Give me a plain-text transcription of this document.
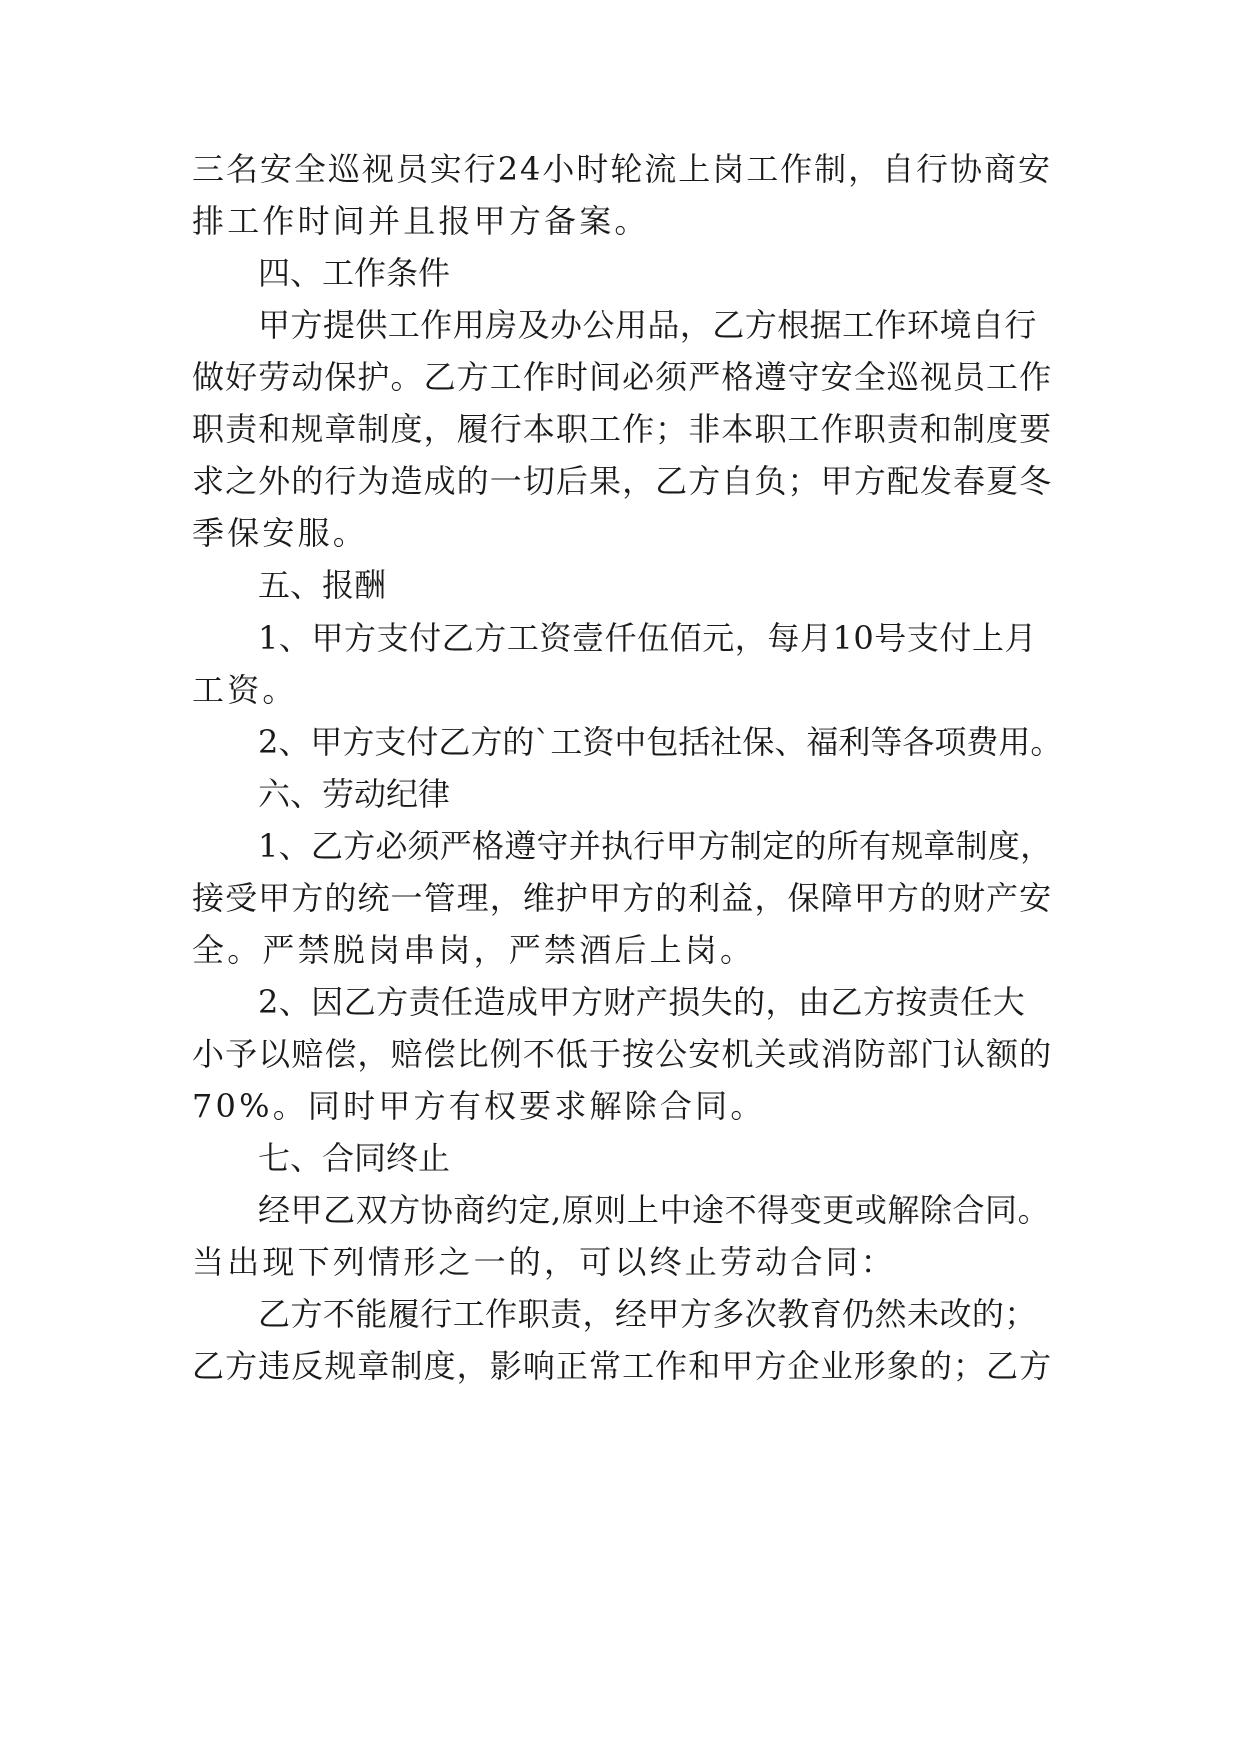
三名安全巡视员实行24小时轮流上岗工作制，自行协商安
排工作时间并且报甲方备案。
四、工作条件
甲方提供工作用房及办公用品，乙方根据工作环境自行
做好劳动保护。乙方工作时间必须严格遵守安全巡视员工作
职责和规章制度，履行本职工作；非本职工作职责和制度要
求之外的行为造成的一切后果，乙方自负；甲方配发春夏冬
季保安服。
五、报酬
1、甲方支付乙方工资壹仟伍佰元，每月10号支付上月
工资。
2、甲方支付乙方的`工资中包括社保、福利等各项费用。
六、劳动纪律
1、乙方必须严格遵守并执行甲方制定的所有规章制度，
接受甲方的统一管理，维护甲方的利益，保障甲方的财产安
全。严禁脱岗串岗，严禁酒后上岗。
2、因乙方责任造成甲方财产损失的，由乙方按责任大
小予以赔偿，赔偿比例不低于按公安机关或消防部门认额的
70%。同时甲方有权要求解除合同。
七、合同终止
经甲乙双方协商约定,原则上中途不得变更或解除合同。
当出现下列情形之一的，可以终止劳动合同：
乙方不能履行工作职责，经甲方多次教育仍然未改的；
乙方违反规章制度，影响正常工作和甲方企业形象的；乙方
